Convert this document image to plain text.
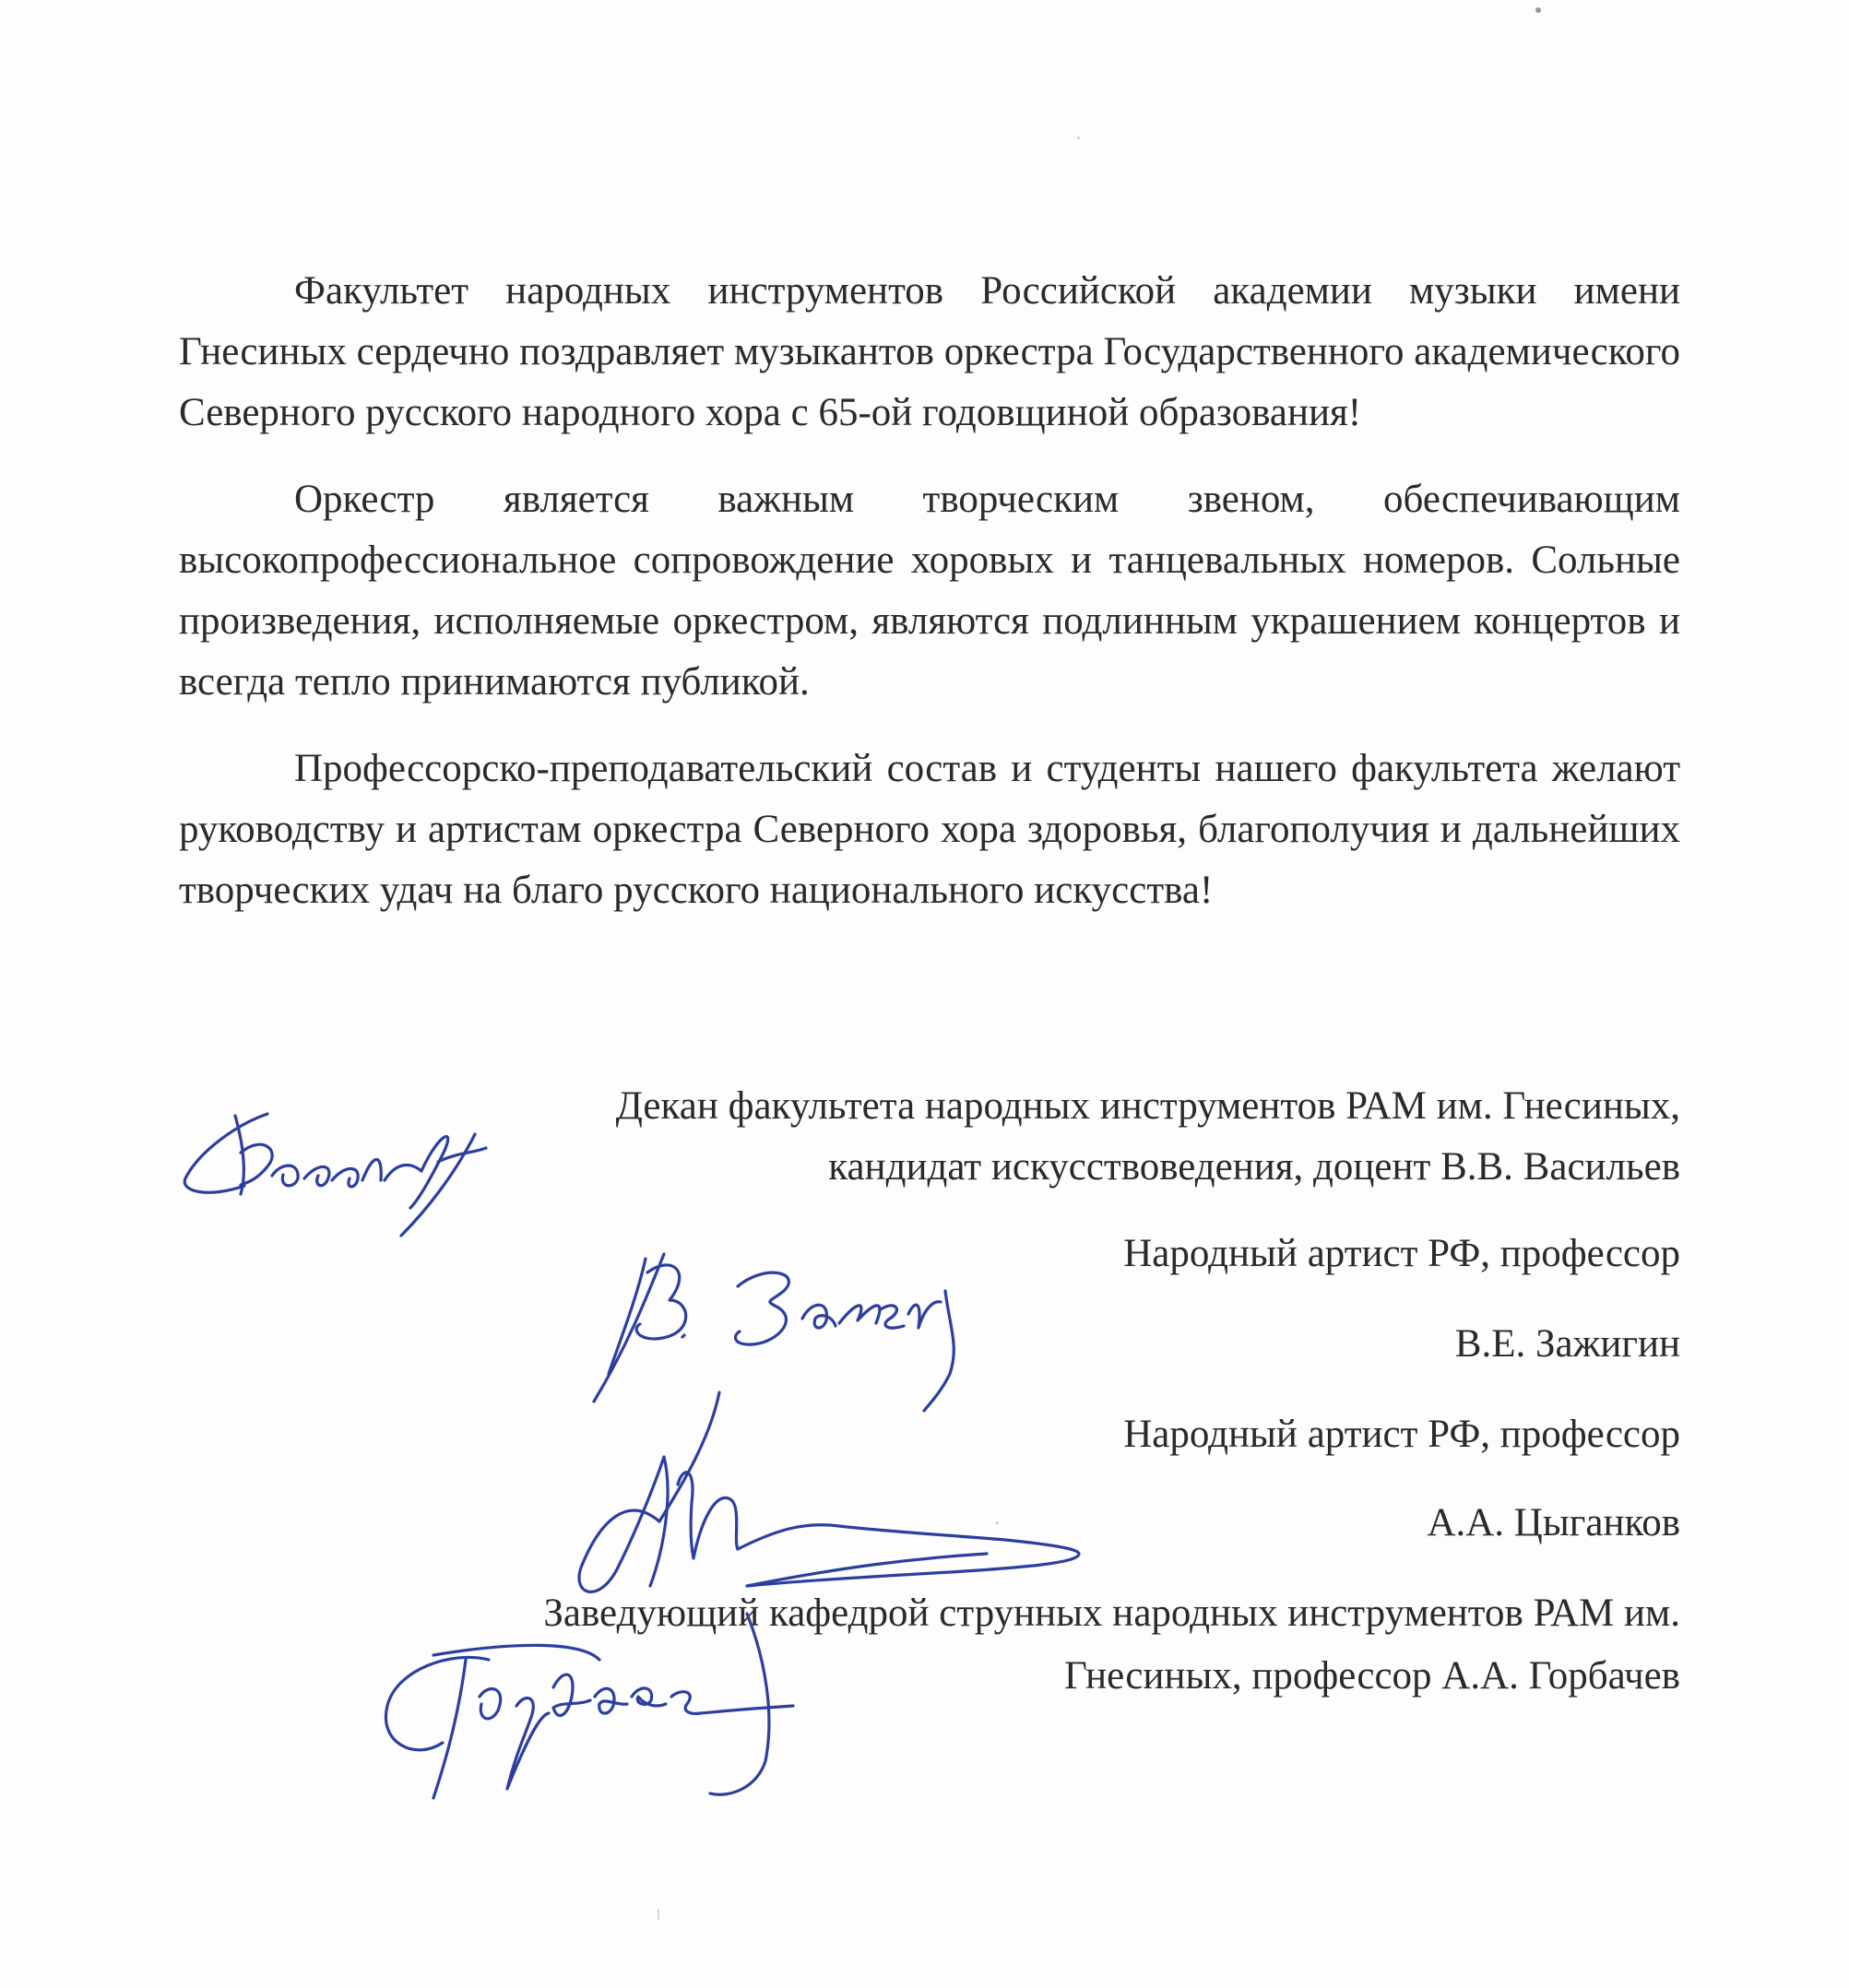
Факультет народных инструментов Российской академии музыки имени Гнесиных сердечно поздравляет музыкантов оркестра Государственного академического Северного русского народного хора с 65-ой годовщиной образования!

Оркестр является важным творческим звеном, обеспечивающим высокопрофессиональное сопровождение хоровых и танцевальных номеров. Сольные произведения, исполняемые оркестром, являются подлинным украшением концертов и всегда тепло принимаются публикой.

Профессорско-преподавательский состав и студенты нашего факультета желают руководству и артистам оркестра Северного хора здоровья, благополучия и дальнейших творческих удач на благо русского национального искусства!

Декан факультета народных инструментов РАМ им. Гнесиных,
кандидат искусствоведения, доцент В.В. Васильев
Народный артист РФ, профессор
В.Е. Зажигин
Народный артист РФ, профессор
А.А. Цыганков
Заведующий кафедрой струнных народных инструментов РАМ им.
Гнесиных, профессор А.А. Горбачев
